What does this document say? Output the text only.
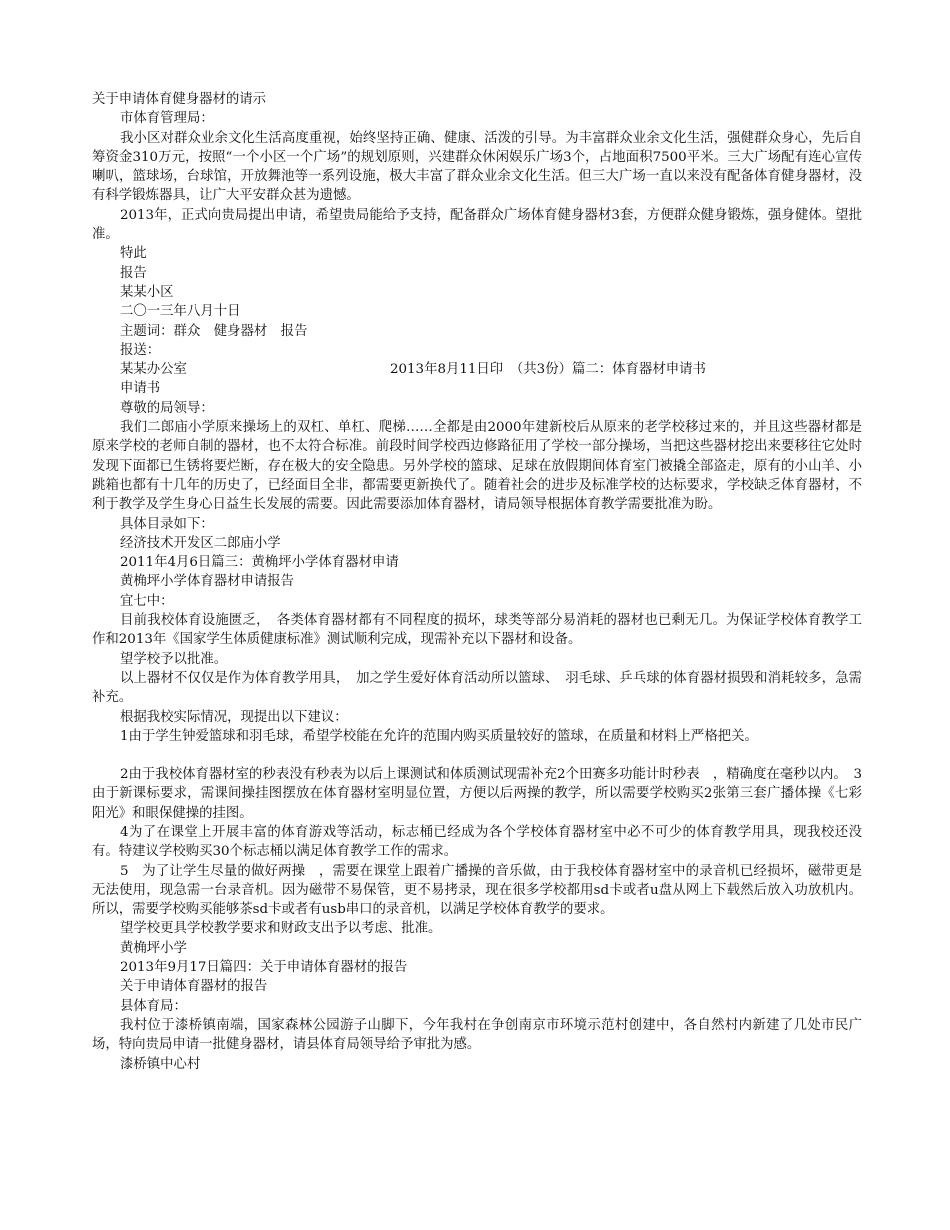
关于申请体育健身器材的请示

市体育管理局：

我小区对群众业余文化生活高度重视，始终坚持正确、健康、活泼的引导。为丰富群众业余文化生活，强健群众身心，先后自筹资金310万元，按照“一个小区一个广场”的规划原则，兴建群众休闲娱乐广场3个，占地面积7500平米。三大广场配有连心宣传喇叭，篮球场，台球馆，开放舞池等一系列设施，极大丰富了群众业余文化生活。但三大广场一直以来没有配备体育健身器材，没有科学锻炼器具，让广大平安群众甚为遗憾。

2013年，正式向贵局提出申请，希望贵局能给予支持，配备群众广场体育健身器材3套，方便群众健身锻炼，强身健体。望批准。

特此

报告

某某小区

二〇一三年八月十日

主题词：群众　健身器材　报告

报送：

某某办公室	2013年8月11日印　（共3份）篇二：体育器材申请书

申请书

尊敬的局领导：

我们二郎庙小学原来操场上的双杠、单杠、爬梯……全都是由2000年建新校后从原来的老学校移过来的，并且这些器材都是原来学校的老师自制的器材，也不太符合标准。前段时间学校西边修路征用了学校一部分操场，当把这些器材挖出来要移往它处时发现下面都已生锈将要烂断，存在极大的安全隐患。另外学校的篮球、足球在放假期间体育室门被撬全部盗走，原有的小山羊、小跳箱也都有十几年的历史了，已经面目全非，都需要更新换代了。随着社会的进步及标准学校的达标要求，学校缺乏体育器材，不利于教学及学生身心日益生长发展的需要。因此需要添加体育器材，请局领导根据体育教学需要批准为盼。

具体目录如下：

经济技术开发区二郎庙小学

2011年4月6日篇三：黄桷坪小学体育器材申请

黄桷坪小学体育器材申请报告

宜七中：

目前我校体育设施匮乏，　各类体育器材都有不同程度的损坏，球类等部分易消耗的器材也已剩无几。为保证学校体育教学工作和2013年《国家学生体质健康标准》测试顺利完成，现需补充以下器材和设备。

望学校予以批准。

以上器材不仅仅是作为体育教学用具，　加之学生爱好体育活动所以篮球、　羽毛球、乒乓球的体育器材损毁和消耗较多，急需补充。

根据我校实际情况，现提出以下建议：

1由于学生钟爱篮球和羽毛球，希望学校能在允许的范围内购买质量较好的篮球，在质量和材料上严格把关。

2由于我校体育器材室的秒表没有秒表为以后上课测试和体质测试现需补充2个田赛多功能计时秒表　，精确度在毫秒以内。　3由于新课标要求，需课间操挂图摆放在体育器材室明显位置，方便以后两操的教学，所以需要学校购买2张第三套广播体操《七彩阳光》和眼保健操的挂图。

4为了在课堂上开展丰富的体育游戏等活动，标志桶已经成为各个学校体育器材室中必不可少的体育教学用具，现我校还没有。特建议学校购买30个标志桶以满足体育教学工作的需求。

5　为了让学生尽量的做好两操　，需要在课堂上跟着广播操的音乐做，由于我校体育器材室中的录音机已经损坏，磁带更是无法使用，现急需一台录音机。因为磁带不易保管，更不易拷录，现在很多学校都用sd卡或者u盘从网上下载然后放入功放机内。所以，需要学校购买能够茶sd卡或者有usb串口的录音机，以满足学校体育教学的要求。

望学校更具学校教学要求和财政支出予以考虑、批准。

黄桷坪小学

2013年9月17日篇四：关于申请体育器材的报告

关于申请体育器材的报告

县体育局：

我村位于漆桥镇南端，国家森林公园游子山脚下，今年我村在争创南京市环境示范村创建中，各自然村内新建了几处市民广场，特向贵局申请一批健身器材，请县体育局领导给予审批为感。

漆桥镇中心村
